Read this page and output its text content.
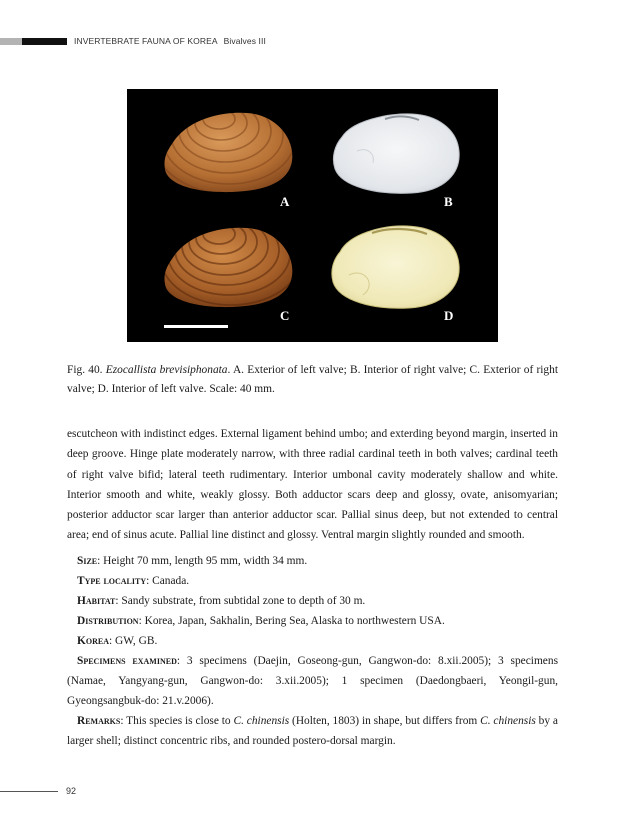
INVERTEBRATE FAUNA OF KOREA Bivalves III
A	B
C	D
Fig. 40. Ezocallista brevisiphonata. A. Exterior of left valve; B. Interior of right valve; C. Exterior of right valve; D. Interior of left valve. Scale: 40 mm.
escutcheon with indistinct edges. External ligament behind umbo; and exterding beyond margin, inserted in deep groove. Hinge plate moderately narrow, with three radial cardinal teeth in both valves; cardinal teeth of right valve bifid; lateral teeth rudimentary. Interior umbonal cavity moderately shallow and white. Interior smooth and white, weakly glossy. Both adductor scars deep and glossy, ovate, anisomyarian; posterior adductor scar larger than anterior adductor scar. Pallial sinus deep, but not extended to central area; end of sinus acute. Pallial line distinct and glossy. Ventral margin slightly rounded and smooth.

Size: Height 70 mm, length 95 mm, width 34 mm.

Type locality: Canada.

Habitat: Sandy substrate, from subtidal zone to depth of 30 m.

Distribution: Korea, Japan, Sakhalin, Bering Sea, Alaska to northwestern USA.

Korea: GW, GB.

Specimens examined: 3 specimens (Daejin, Goseong-gun, Gangwon-do: 8.xii.2005); 3 specimens (Namae, Yangyang-gun, Gangwon-do: 3.xii.2005); 1 specimen (Daedongbaeri, Yeongil-gun, Gyeongsangbuk-do: 21.v.2006).

Remarks: This species is close to C. chinensis (Holten, 1803) in shape, but differs from C. chinensis by a larger shell; distinct concentric ribs, and rounded postero-dorsal margin.

92
